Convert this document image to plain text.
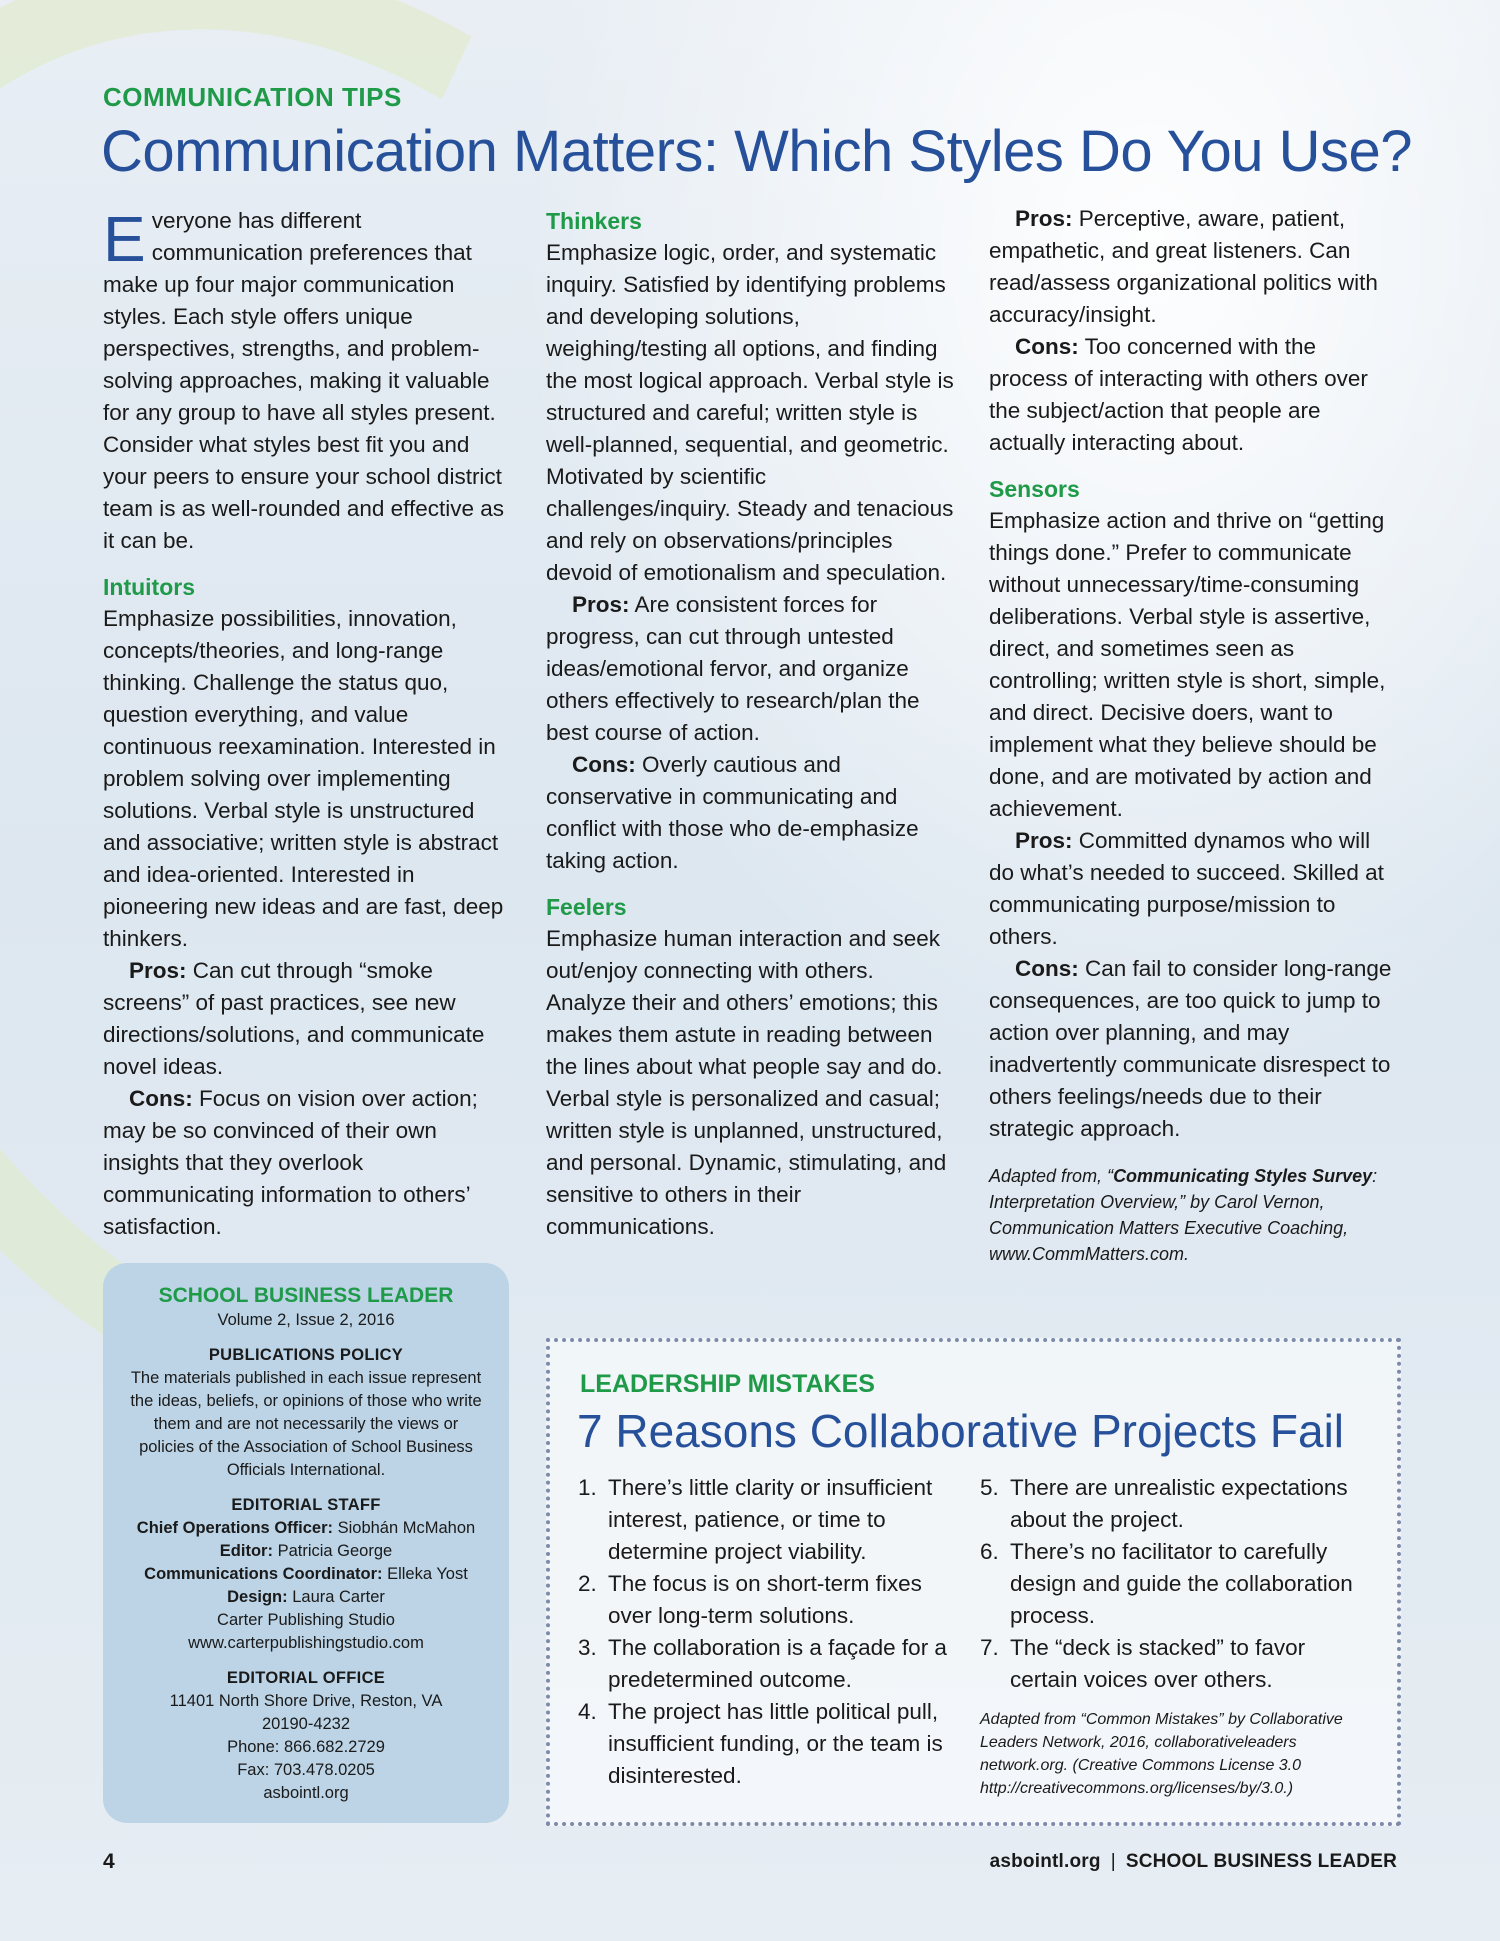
COMMUNICATION TIPS
Communication Matters: Which Styles Do You Use?

Everyone has different communication preferences that make up four major communication styles. Each style offers unique perspectives, strengths, and problem-solving approaches, making it valuable for any group to have all styles present. Consider what styles best fit you and your peers to ensure your school district team is as well-rounded and effective as it can be.

Intuitors

Emphasize possibilities, innovation, concepts/theories, and long-range thinking. Challenge the status quo, question everything, and value continuous reexamination. Interested in problem solving over implementing solutions. Verbal style is unstructured and associative; written style is abstract and idea-oriented. Interested in pioneering new ideas and are fast, deep thinkers.

Pros: Can cut through “smoke screens” of past practices, see new directions/solutions, and communicate novel ideas.

Cons: Focus on vision over action; may be so convinced of their own insights that they overlook communicating information to others’ satisfaction.

Thinkers

Emphasize logic, order, and systematic inquiry. Satisfied by identifying problems and developing solutions, weighing/testing all options, and finding the most logical approach. Verbal style is structured and careful; written style is well-planned, sequential, and geometric. Motivated by scientific challenges/inquiry. Steady and tenacious and rely on observations/principles devoid of emotionalism and speculation.

Pros: Are consistent forces for progress, can cut through untested ideas/emotional fervor, and organize others effectively to research/plan the best course of action.

Cons: Overly cautious and conservative in communicating and conflict with those who de-emphasize taking action.

Feelers

Emphasize human interaction and seek out/enjoy connecting with others. Analyze their and others’ emotions; this makes them astute in reading between the lines about what people say and do. Verbal style is personalized and casual; written style is unplanned, unstructured, and personal. Dynamic, stimulating, and sensitive to others in their communications.

Pros: Perceptive, aware, patient, empathetic, and great listeners. Can read/assess organizational politics with accuracy/insight.

Cons: Too concerned with the process of interacting with others over the subject/action that people are actually interacting about.

Sensors

Emphasize action and thrive on “getting things done.” Prefer to communicate without unnecessary/time-consuming deliberations. Verbal style is assertive, direct, and sometimes seen as controlling; written style is short, simple, and direct. Decisive doers, want to implement what they believe should be done, and are motivated by action and achievement.

Pros: Committed dynamos who will do what’s needed to succeed. Skilled at communicating purpose/mission to others.

Cons: Can fail to consider long-range consequences, are too quick to jump to action over planning, and may inadvertently communicate disrespect to others feelings/needs due to their strategic approach.

Adapted from, “Communicating Styles Survey: Interpretation Overview,” by Carol Vernon, Communication Matters Executive Coaching, www.CommMatters.com.

SCHOOL BUSINESS LEADER
Volume 2, Issue 2, 2016
PUBLICATIONS POLICY
The materials published in each issue represent the ideas, beliefs, or opinions of those who write them and are not necessarily the views or policies of the Association of School Business Officials International.
EDITORIAL STAFF
Chief Operations Officer: Siobhán McMahon
Editor: Patricia George
Communications Coordinator: Elleka Yost
Design: Laura Carter
Carter Publishing Studio
www.carterpublishingstudio.com
EDITORIAL OFFICE
11401 North Shore Drive, Reston, VA
20190-4232
Phone: 866.682.2729
Fax: 703.478.0205
asbointl.org
LEADERSHIP MISTAKES
7 Reasons Collaborative Projects Fail
1. There’s little clarity or insufficient interest, patience, or time to determine project viability.
2. The focus is on short-term fixes over long-term solutions.
3. The collaboration is a façade for a predetermined outcome.
4. The project has little political pull, insufficient funding, or the team is disinterested.
5. There are unrealistic expectations about the project.
6. There’s no facilitator to carefully design and guide the collaboration process.
7. The “deck is stacked” to favor certain voices over others.
Adapted from “Common Mistakes” by Collaborative Leaders Network, 2016, collaborativeleaders network.org. (Creative Commons License 3.0 http://creativecommons.org/licenses/by/3.0.)
4	asbointl.org | SCHOOL BUSINESS LEADER
